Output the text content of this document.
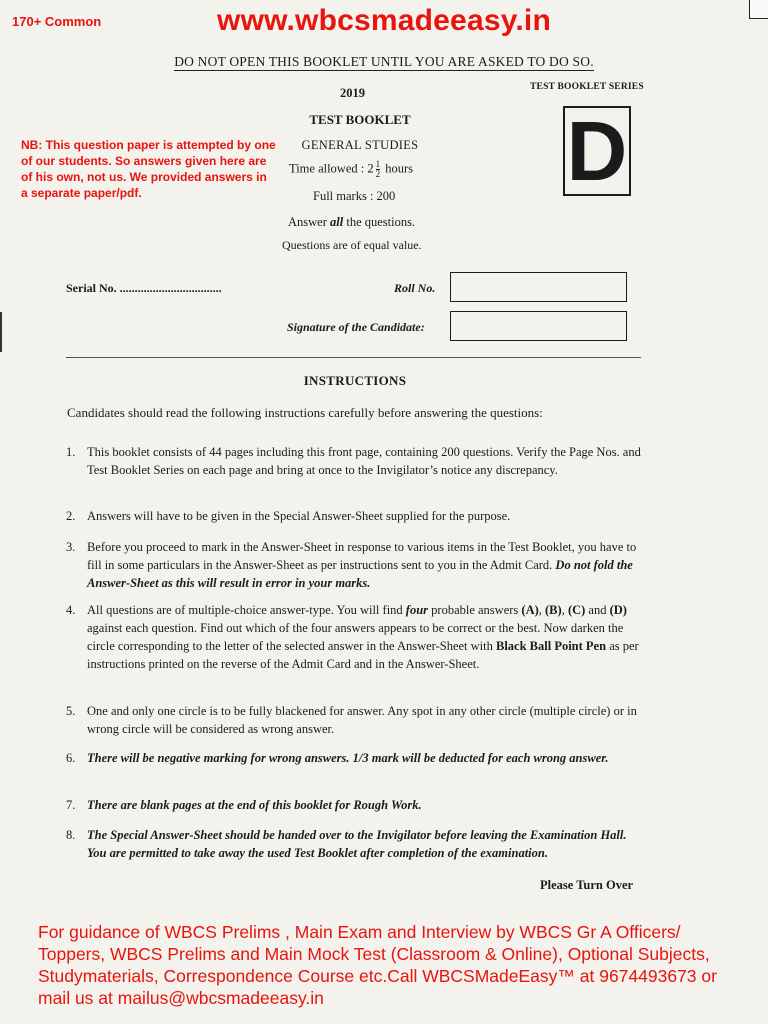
170+ Common	www.wbcsmadeeasy.in
DO NOT OPEN THIS BOOKLET UNTIL YOU ARE ASKED TO DO SO.
2019	TEST BOOKLET SERIES
D
TEST BOOKLET
GENERAL STUDIES
Time allowed : $2 \frac{1}{2}$ hours
Full marks : 200
Answer all the questions.
Questions are of equal value.
NB: This question paper is attempted by one of our students. So answers given here are of his own, not us. We provided answers in a separate paper/pdf.
Serial No. ..................................	Roll No.
Signature of the Candidate:
INSTRUCTIONS
Candidates should read the following instructions carefully before answering the questions:
1. This booklet consists of 44 pages including this front page, containing 200 questions. Verify the Page Nos. and Test Booklet Series on each page and bring at once to the Invigilator’s notice any discrepancy.
2. Answers will have to be given in the Special Answer-Sheet supplied for the purpose.
3. Before you proceed to mark in the Answer-Sheet in response to various items in the Test Booklet, you have to fill in some particulars in the Answer-Sheet as per instructions sent to you in the Admit Card. Do not fold the Answer-Sheet as this will result in error in your marks.
4. All questions are of multiple-choice answer-type. You will find four probable answers (A), (B), (C) and (D) against each question. Find out which of the four answers appears to be correct or the best. Now darken the circle corresponding to the letter of the selected answer in the Answer-Sheet with Black Ball Point Pen as per instructions printed on the reverse of the Admit Card and in the Answer-Sheet.
5. One and only one circle is to be fully blackened for answer. Any spot in any other circle (multiple circle) or in wrong circle will be considered as wrong answer.
6. There will be negative marking for wrong answers. 1/3 mark will be deducted for each wrong answer.
7. There are blank pages at the end of this booklet for Rough Work.
8. The Special Answer-Sheet should be handed over to the Invigilator before leaving the Examination Hall. You are permitted to take away the used Test Booklet after completion of the examination.
Please Turn Over
For guidance of WBCS Prelims , Main Exam and Interview by WBCS Gr A Officers/ Toppers, WBCS Prelims and Main Mock Test (Classroom & Online), Optional Subjects, Studymaterials, Correspondence Course etc.Call WBCSMadeEasy™ at 9674493673 or mail us at mailus@wbcsmadeeasy.in
